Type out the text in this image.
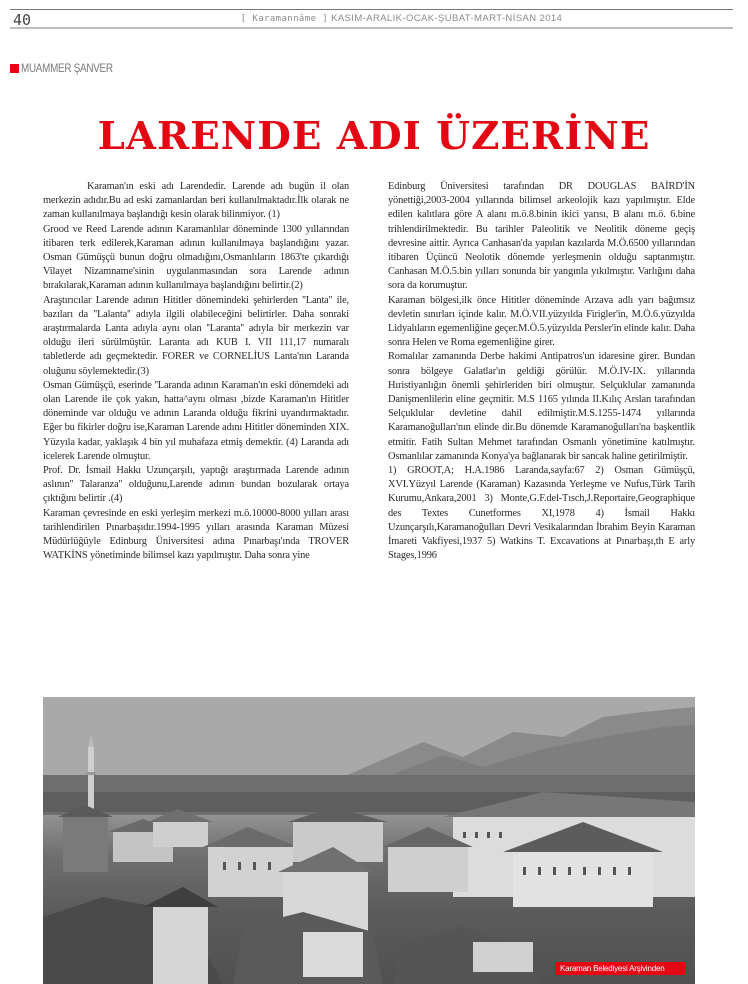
40	[ Karamannâme ] KASIM-ARALIK-OCAK-ŞUBAT-MART-NİSAN 2014
MUAMMER ŞANVER
LARENDE ADI ÜZERİNE

Karaman'ın eski adı Larendedir. Larende adı bugün il olan merkezin adıdır.Bu ad eski zamanlardan beri kullanılmaktadır.İlk olarak ne zaman kullanılmaya başlandığı kesin olarak bilinmiyor. (1)

Grood ve Reed Larende adının Karamanlılar döneminde 1300 yıllarından itibaren terk edilerek,Karaman adının kullanılmaya başlandığını yazar. Osman Gümüşçü bunun doğru olmadığını,Osmanlıların 1863'te çıkardığı Vilayet Nizamname'sinin uygulanmasından sora Larende adının bırakılarak,Karaman adının kullanılmaya başlandığını belirtir.(2)

Araştırıcılar Larende adının Hititler dönemindeki şehirlerden ''Lanta'' ile, bazıları da ''Lalanta'' adıyla ilgili olabileceğini belirtirler. Daha sonraki araştırmalarda Lanta adıyla aynı olan ''Laranta'' adıyla bir merkezin var olduğu ileri sürülmüştür. Laranta adı KUB I. VII 111,17 numaralı tabletlerde adı geçmektedir. FORER ve CORNELİUS Lanta'nın Laranda oluğunu söylemektedir.(3)

Osman Gümüşçü, eserinde ''Laranda adının Karaman'ın eski dönemdeki adı olan Larende ile çok yakın, hatta^aynı olması ,bizde Karaman'ın Hititler döneminde var olduğu ve adının Laranda olduğu fikrini uyandırmaktadır. Eğer bu fikirler doğru ise,Karaman Larende adını Hititler döneminden XIX. Yüzyıla kadar, yaklaşık 4 bin yıl muhafaza etmiş demektir. (4) Laranda adı icelerek Larende olmuştur.

Prof. Dr. İsmail Hakkı Uzunçarşılı, yaptığı araştırmada Larende adının aslının'' Talaranza'' olduğunu,Larende adının bundan bozularak ortaya çıktığını belirtir .(4)

Karaman çevresinde en eski yerleşim merkezi m.ö.10000-8000 yılları arası tarihlendirilen Pınarbaşıdır.1994-1995 yılları arasında Karaman Müzesi Müdürlüğüyle Edinburg Üniversitesi adına Pınarbaşı'ında TROVER WATKİNS yönetiminde bilimsel kazı yapılmıştır. Daha sonra yine

Edinburg Üniversitesi tarafından DR DOUGLAS BAİRD'İN yönettiği,2003-2004 yıllarında bilimsel arkeolojik kazı yapılmıştır. Elde edilen kalıtlara göre A alanı m.ö.8.binin ikici yarısı, B alanı m.ö. 6.bine trihlendirilmektedir. Bu tarihler Paleolitik ve Neolitik döneme geçiş devresine aittir. Ayrıca Canhasan'da yapılan kazılarda M.Ö.6500 yıllarından itibaren Üçüncü Neolotik dönemde yerleşmenin olduğu saptanmıştır. Canhasan M.Ö.5.bin yılları sonunda bir yangınla yıkılmıştır. Varlığını daha sora da korumuştur.

Karaman bölgesi,ilk önce Hititler döneminde Arzava adlı yarı bağımsız devletin sınırları içinde kalır. M.Ö.VII.yüzyılda Firigler'in, M.Ö.6.yüzyılda Lidyalıların egemenliğine geçer.M.Ö.5.yüzyılda Persler'in elinde kalır. Daha sonra Helen ve Roma egemenliğine girer.

Romalılar zamanında Derbe hakimi Antipatros'un idaresine girer. Bundan sonra bölgeye Galatlar'ın geldiği görülür. M.Ö.IV-IX. yıllarında Hıristiyanlığın önemli şehirleriden biri olmuştur. Selçuklular zamanında Danişmenlilerin eline geçmitir. M.S 1165 yılında II.Kılıç Arslan tarafından Selçuklular devletine dahil edilmiştir.M.S.1255-1474 yıllarında Karamanoğulları'nın elinde dir.Bu dönemde Karamanoğulları'na başkentlik etmitir. Fatih Sultan Mehmet tarafından Osmanlı yönetimine katılmıştır. Osmanlılar zamanında Konya'ya bağlanarak bir sancak haline getirilmiştir.

1) GROOT,A; H.A.1986 Laranda,sayfa:67 2) Osman Gümüşçü, XVI.Yüzyıl Larende (Karaman) Kazasında Yerleşme ve Nufus,Türk Tarih Kurumu,Ankara,2001 3) Monte,G.F.del-Tısch,J.Reportaire,Geographique des Textes Cunetformes XI,1978 4) İsmail Hakkı Uzunçarşılı,Karamanoğulları Devri Vesikalarından İbrahim Beyin Karaman İmareti Vakfiyesi,1937 5) Watkins T. Excavations at Pınarbaşı,th E arly Stages,1996

Karaman Belediyesi Arşivinden
